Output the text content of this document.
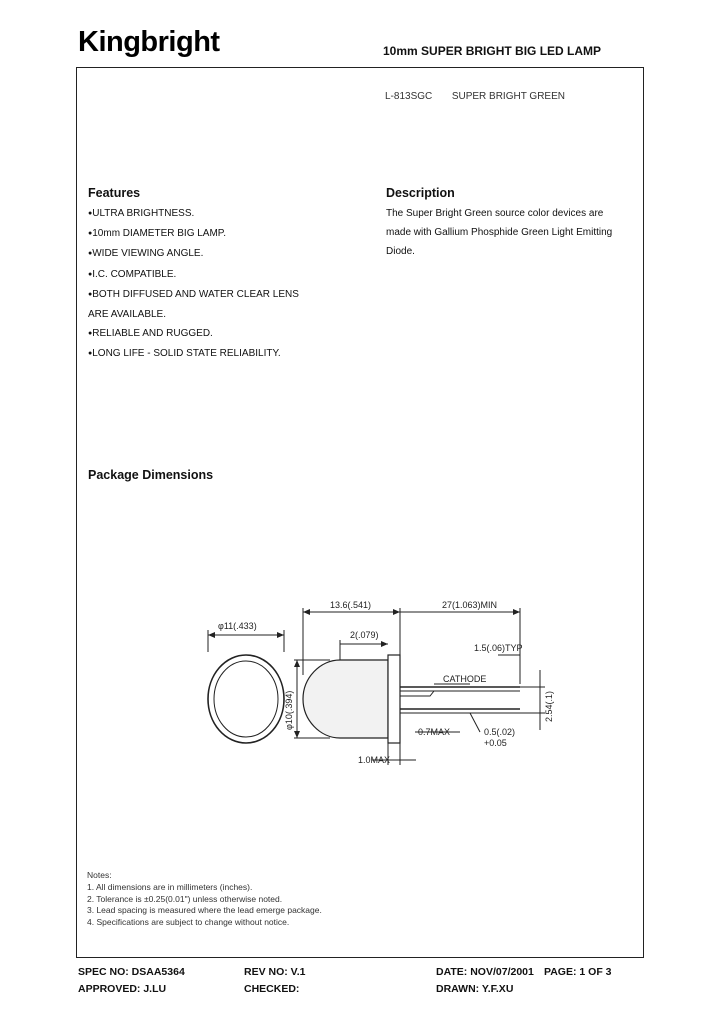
Kingbright	10mm SUPER BRIGHT BIG LED LAMP
L-813SGC SUPER BRIGHT GREEN
Features
●ULTRA BRIGHTNESS.
●10mm DIAMETER BIG LAMP.
●WIDE VIEWING ANGLE.
●I.C. COMPATIBLE.
●BOTH DIFFUSED AND WATER CLEAR LENS
ARE AVAILABLE.
●RELIABLE AND RUGGED.
●LONG LIFE - SOLID STATE RELIABILITY.
Description
The Super Bright Green source color devices are
made with Gallium Phosphide Green Light Emitting
Diode.
Package Dimensions
φ11(.433)
13.6(.541)	27(1.063)MIN
2(.079)
1.5(.06)TYP
CATHODE
φ10(.394)	2.54(.1)
0.7MAX	0.5(.02)
+0.05
1.0MAX
Notes:
1. All dimensions are in millimeters (inches).
2. Tolerance is ±0.25(0.01") unless otherwise noted.
3. Lead spacing is measured where the lead emerge package.
4. Specifications are subject to change without notice.
SPEC NO: DSAA5364	REV NO: V.1	DATE: NOV/07/2001 PAGE: 1 OF 3
APPROVED: J.LU	CHECKED:	DRAWN: Y.F.XU
